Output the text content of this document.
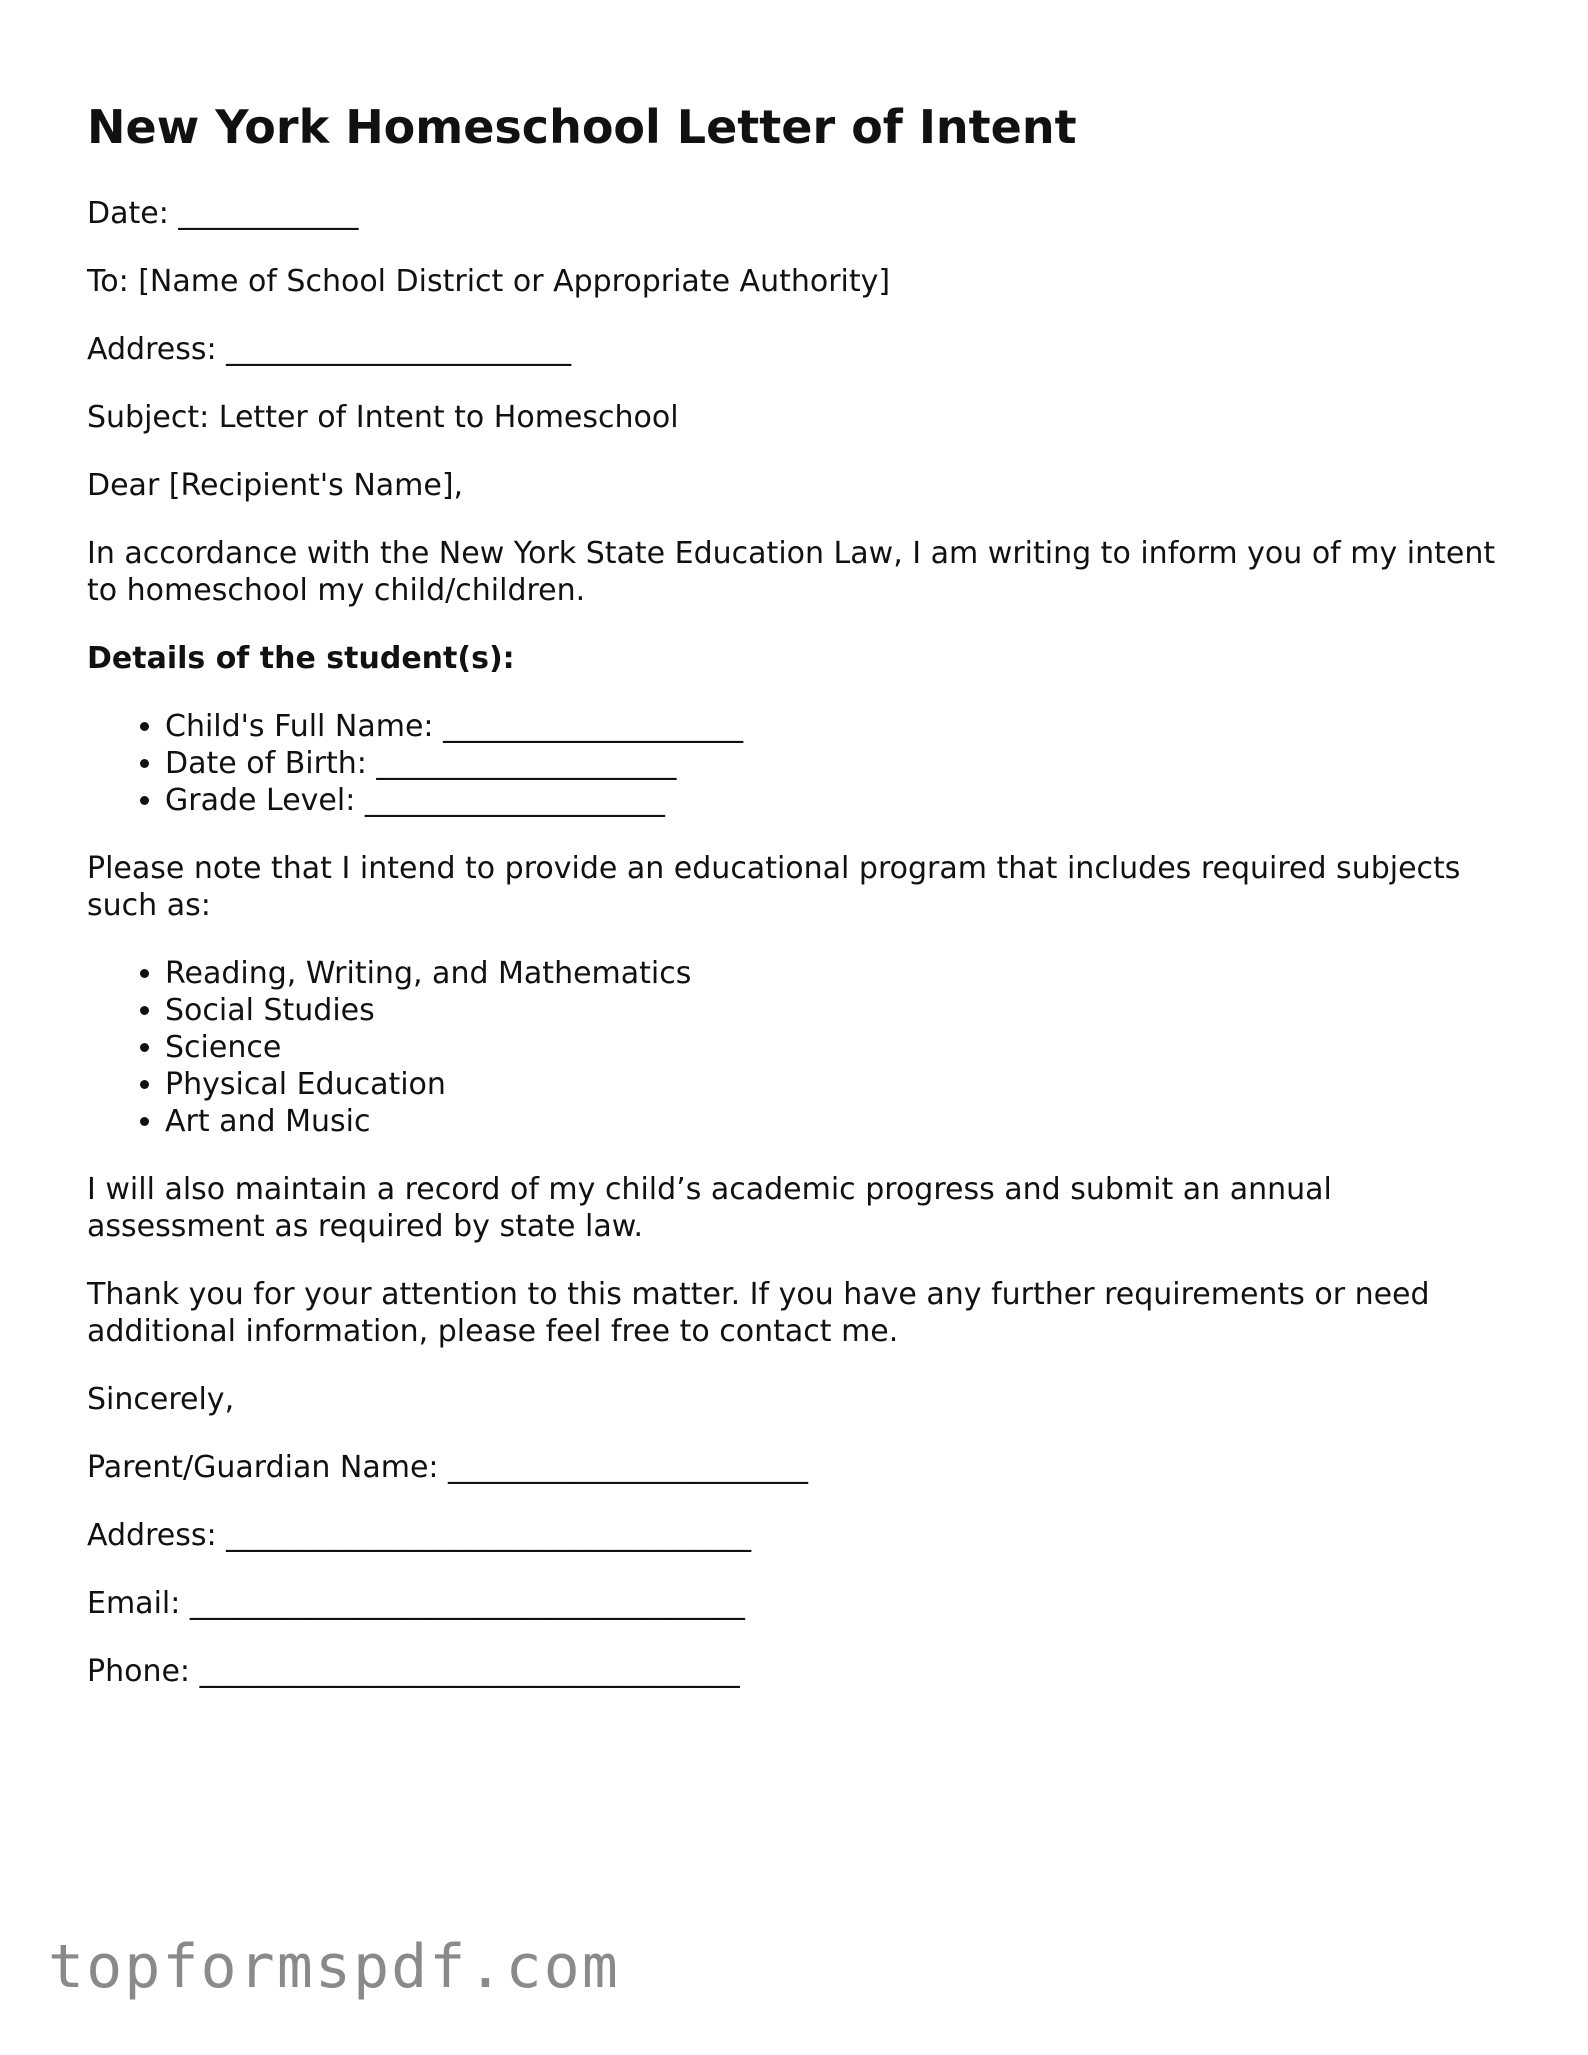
New York Homeschool Letter of Intent

Date: ____________

To: [Name of School District or Appropriate Authority]

Address: _______________________

Subject: Letter of Intent to Homeschool

Dear [Recipient's Name],

In accordance with the New York State Education Law, I am writing to inform you of my intent to homeschool my child/children.

Details of the student(s):

• Child's Full Name: ____________________
• Date of Birth: ____________________
• Grade Level: ____________________

Please note that I intend to provide an educational program that includes required subjects such as:

• Reading, Writing, and Mathematics
• Social Studies
• Science
• Physical Education
• Art and Music

I will also maintain a record of my child’s academic progress and submit an annual assessment as required by state law.

Thank you for your attention to this matter. If you have any further requirements or need additional information, please feel free to contact me.

Sincerely,

Parent/Guardian Name: ________________________

Address: ___________________________________

Email: _____________________________________

Phone: ____________________________________

topformspdf.com
